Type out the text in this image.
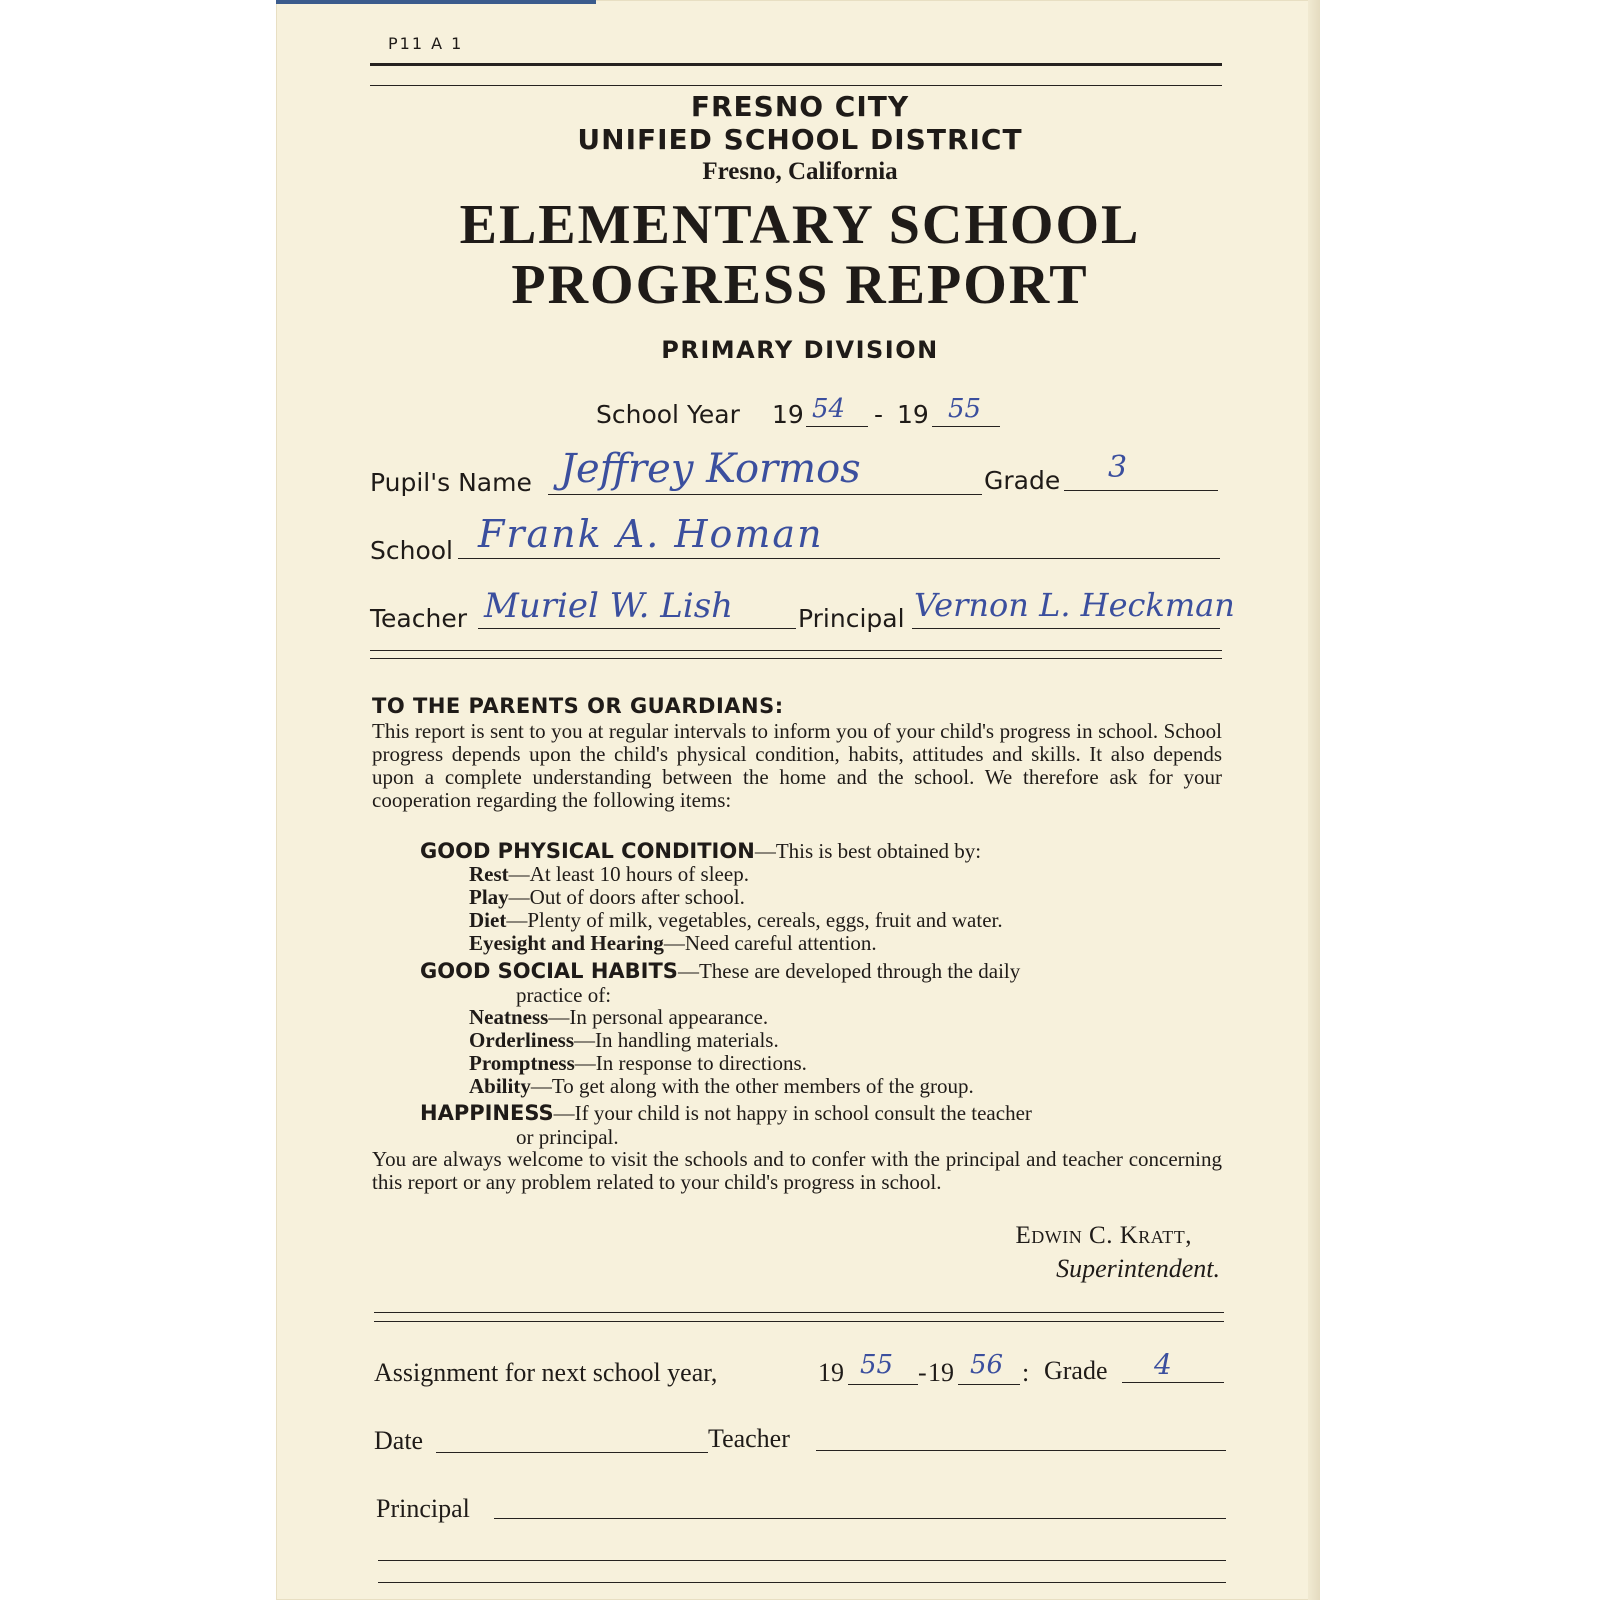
P11 A 1
FRESNO CITY
UNIFIED SCHOOL DISTRICT
Fresno, California
ELEMENTARY SCHOOL
PROGRESS REPORT
PRIMARY DIVISION
School Year 19 54 - 19 55
Pupil's Name Jeffrey Kormos	Grade 3
School Frank A. Homan
Teacher Muriel W. Lish	Principal Vernon L. Heckman
TO THE PARENTS OR GUARDIANS:

This report is sent to you at regular intervals to inform you of your child's progress in school. School progress depends upon the child's physical condition, habits, attitudes and skills. It also depends upon a complete understanding between the home and the school. We therefore ask for your cooperation regarding the following items:

GOOD PHYSICAL CONDITION—This is best obtained by:
Rest—At least 10 hours of sleep.
Play—Out of doors after school.
Diet—Plenty of milk, vegetables, cereals, eggs, fruit and water.
Eyesight and Hearing—Need careful attention.
GOOD SOCIAL HABITS—These are developed through the daily
practice of:
Neatness—In personal appearance.
Orderliness—In handling materials.
Promptness—In response to directions.
Ability—To get along with the other members of the group.
HAPPINESS—If your child is not happy in school consult the teacher
or principal.

You are always welcome to visit the schools and to confer with the principal and teacher concerning this report or any problem related to your child's progress in school.

Edwin C. Kratt,
Superintendent.
Assignment for next school year,	19 55 - 19 56 : Grade 4
Date	Teacher
Principal
